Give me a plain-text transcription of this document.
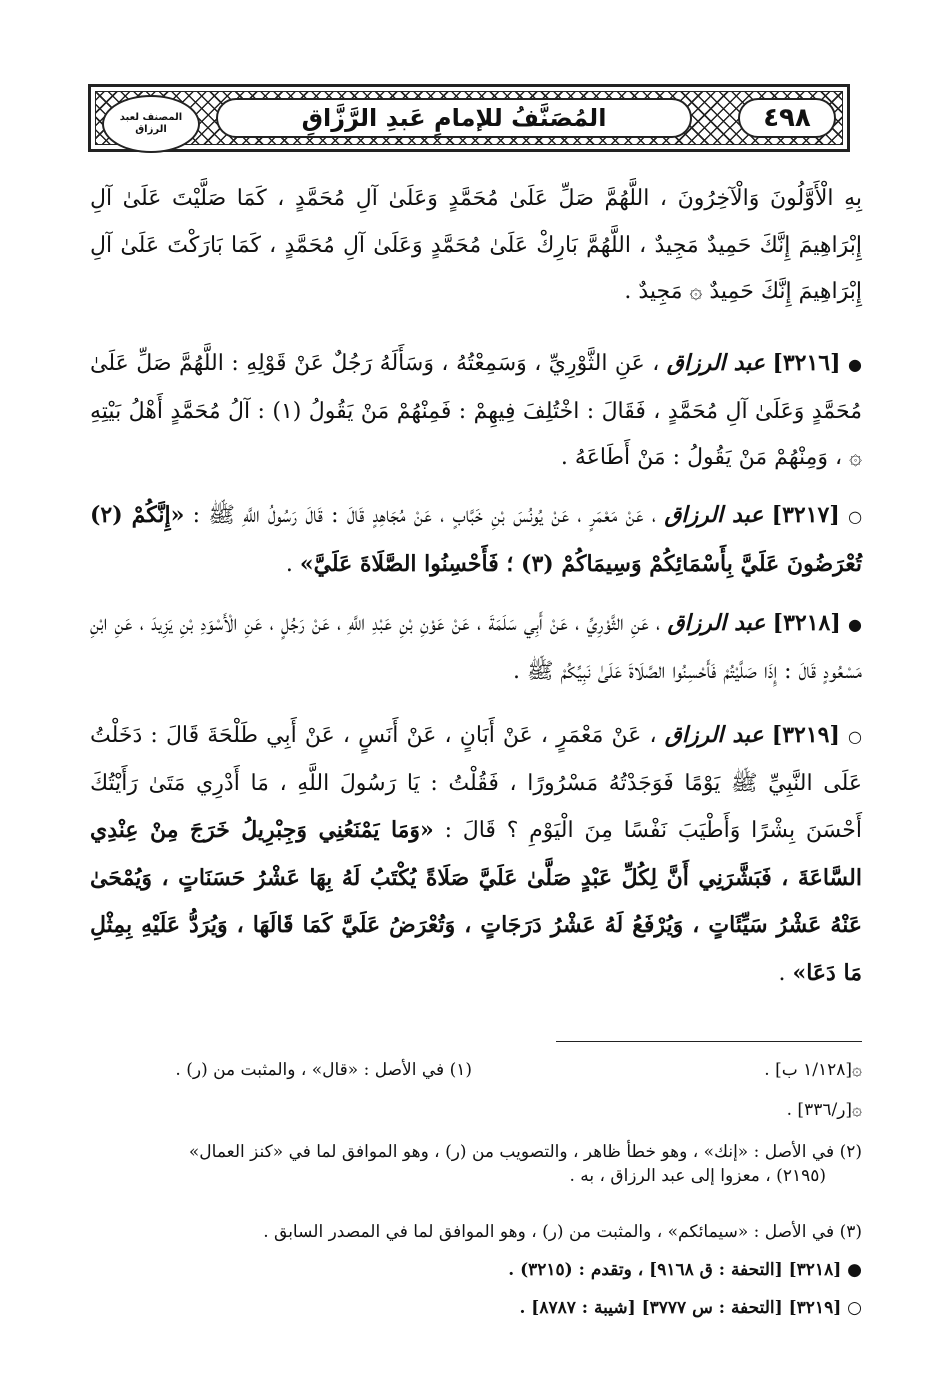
٤٩٨
المُصَنَّفُ للإمامِ عَبدِ الرَّزَّاقِ
المصنف لعبد الرزاق

بِهِ الْأَوَّلُونَ وَالْآخِرُونَ ، اللَّهُمَّ صَلِّ عَلَىٰ مُحَمَّدٍ وَعَلَىٰ آلِ مُحَمَّدٍ ، كَمَا صَلَّيْتَ عَلَىٰ آلِ إِبْرَاهِيمَ إِنَّكَ حَمِيدٌ مَجِيدٌ ، اللَّهُمَّ بَارِكْ عَلَىٰ مُحَمَّدٍ وَعَلَىٰ آلِ مُحَمَّدٍ ، كَمَا بَارَكْتَ عَلَىٰ آلِ إِبْرَاهِيمَ إِنَّكَ حَمِيدٌ ۞ مَجِيدٌ .

● [٣٢١٦] عبد الرزاق ، عَنِ الثَّوْرِيِّ ، وَسَمِعْتُهُ ، وَسَأَلَهُ رَجُلٌ عَنْ قَوْلِهِ : اللَّهُمَّ صَلِّ عَلَىٰ مُحَمَّدٍ وَعَلَىٰ آلِ مُحَمَّدٍ ، فَقَالَ : اخْتُلِفَ فِيهِمْ : فَمِنْهُمْ مَنْ يَقُولُ (١) : آلُ مُحَمَّدٍ أَهْلُ بَيْتِهِ ۞ ، وَمِنْهُمْ مَنْ يَقُولُ : مَنْ أَطَاعَهُ .

○ [٣٢١٧] عبد الرزاق ، عَنْ مَعْمَرٍ ، عَنْ يُونُسَ بْنِ خَبَّابٍ ، عَنْ مُجَاهِدٍ قَالَ : قَالَ رَسُولُ اللَّهِ ﷺ : «إِنَّكُمْ (٢) تُعْرَضُونَ عَلَيَّ بِأَسْمَائِكُمْ وَسِيمَاكُمْ (٣) ؛ فَأَحْسِنُوا الصَّلَاةَ عَلَيَّ» .

● [٣٢١٨] عبد الرزاق ، عَنِ الثَّوْرِيِّ ، عَنْ أَبِي سَلَمَةَ ، عَنْ عَوْنِ بْنِ عَبْدِ اللَّهِ ، عَنْ رَجُلٍ ، عَنِ الْأَسْوَدِ بْنِ يَزِيدَ ، عَنِ ابْنِ مَسْعُودٍ قَالَ : إِذَا صَلَّيْتُمْ فَأَحْسِنُوا الصَّلَاةَ عَلَىٰ نَبِيِّكُمْ ﷺ .

○ [٣٢١٩] عبد الرزاق ، عَنْ مَعْمَرٍ ، عَنْ أَبَانٍ ، عَنْ أَنَسٍ ، عَنْ أَبِي طَلْحَةَ قَالَ : دَخَلْتُ عَلَى النَّبِيِّ ﷺ يَوْمًا فَوَجَدْتُهُ مَسْرُورًا ، فَقُلْتُ : يَا رَسُولَ اللَّهِ ، مَا أَدْرِي مَتَىٰ رَأَيْتُكَ أَحْسَنَ بِشْرًا وَأَطْيَبَ نَفْسًا مِنَ الْيَوْمِ ؟ قَالَ : «وَمَا يَمْنَعُنِي وَجِبْرِيلُ خَرَجَ مِنْ عِنْدِي السَّاعَةَ ، فَبَشَّرَنِي أَنَّ لِكُلِّ عَبْدٍ صَلَّىٰ عَلَيَّ صَلَاةً يُكْتَبُ لَهُ بِهَا عَشْرُ حَسَنَاتٍ ، وَيُمْحَىٰ عَنْهُ عَشْرُ سَيِّئَاتٍ ، وَيُرْفَعُ لَهُ عَشْرُ دَرَجَاتٍ ، وَتُعْرَضُ عَلَيَّ كَمَا قَالَهَا ، وَيُرَدُّ عَلَيْهِ بِمِثْلِ مَا دَعَا» .

۞[١/١٢٨ ب] .
(١) في الأصل : «قال» ، والمثبت من (ر) .
۞[ر/٣٣٦] .
(٢) في الأصل : «إنك» ، وهو خطأ ظاهر ، والتصويب من (ر) ، وهو الموافق لما في «كنز العمال»
(٢١٩٥) ، معزوا إلى عبد الرزاق ، به .
(٣) في الأصل : «سيمائكم» ، والمثبت من (ر) ، وهو الموافق لما في المصدر السابق .
● [٣٢١٨] [التحفة : ق ٩١٦٨] ، وتقدم : (٣٢١٥) .
○ [٣٢١٩] [التحفة : س ٣٧٧٧] [شيبة : ٨٧٨٧] .
